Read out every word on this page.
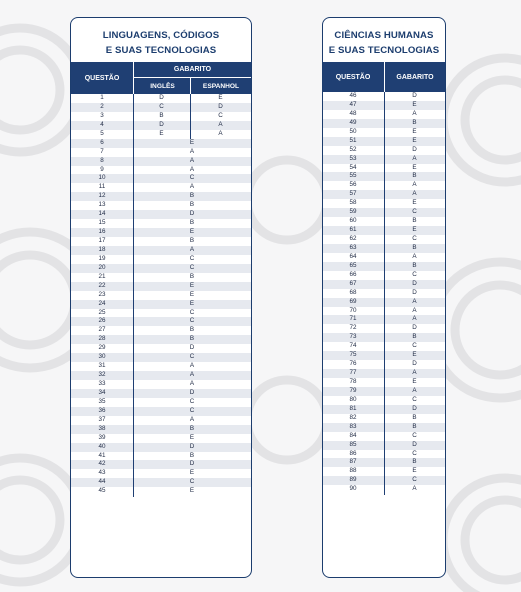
LINGUAGENS, CÓDIGOS
E SUAS TECNOLOGIAS
QUESTÃO
GABARITO
INGLÊS	ESPANHOL
1	D	E
2	C	D
3	B	C
4	D	A
5	E	A
6	E
7	A
8	A
9	A
10	C
11	A
12	B
13	B
14	D
15	B
16	E
17	B
18	A
19	C
20	C
21	B
22	E
23	E
24	E
25	C
26	C
27	B
28	B
29	D
30	C
31	A
32	A
33	A
34	D
35	C
36	C
37	A
38	B
39	E
40	D
41	B
42	D
43	E
44	C
45	E
CIÊNCIAS HUMANAS
E SUAS TECNOLOGIAS
QUESTÃO	GABARITO
46	D
47	E
48	A
49	B
50	E
51	E
52	D
53	A
54	E
55	B
56	A
57	A
58	E
59	C
60	B
61	E
62	C
63	B
64	A
65	B
66	C
67	D
68	D
69	A
70	A
71	A
72	D
73	B
74	C
75	E
76	D
77	A
78	E
79	A
80	C
81	D
82	B
83	B
84	C
85	D
86	C
87	B
88	E
89	C
90	A
